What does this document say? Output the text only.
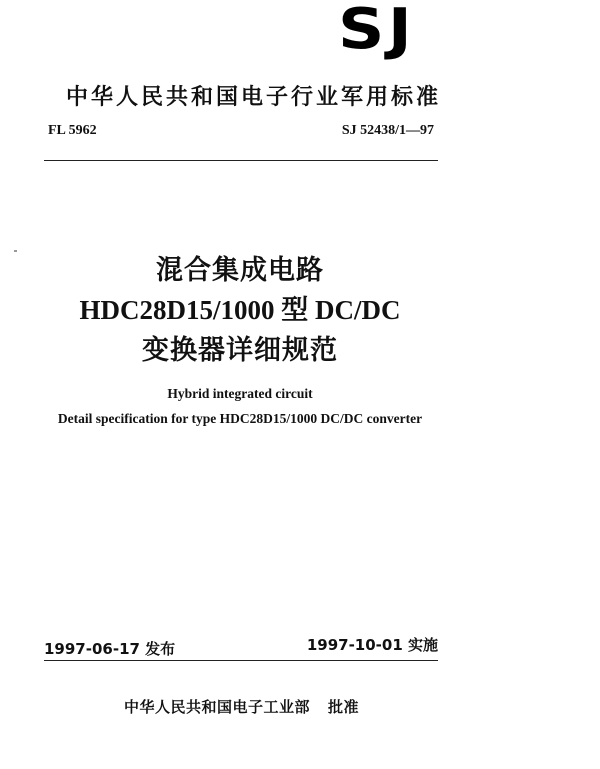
SJ
中华人民共和国电子行业军用标准
FL 5962	SJ 52438/1—97
混合集成电路
HDC28D15/1000 型 DC/DC
变换器详细规范
Hybrid integrated circuit
Detail specification for type HDC28D15/1000 DC/DC converter
1997-06-17 发布	1997-10-01 实施
中华人民共和国电子工业部 批准
